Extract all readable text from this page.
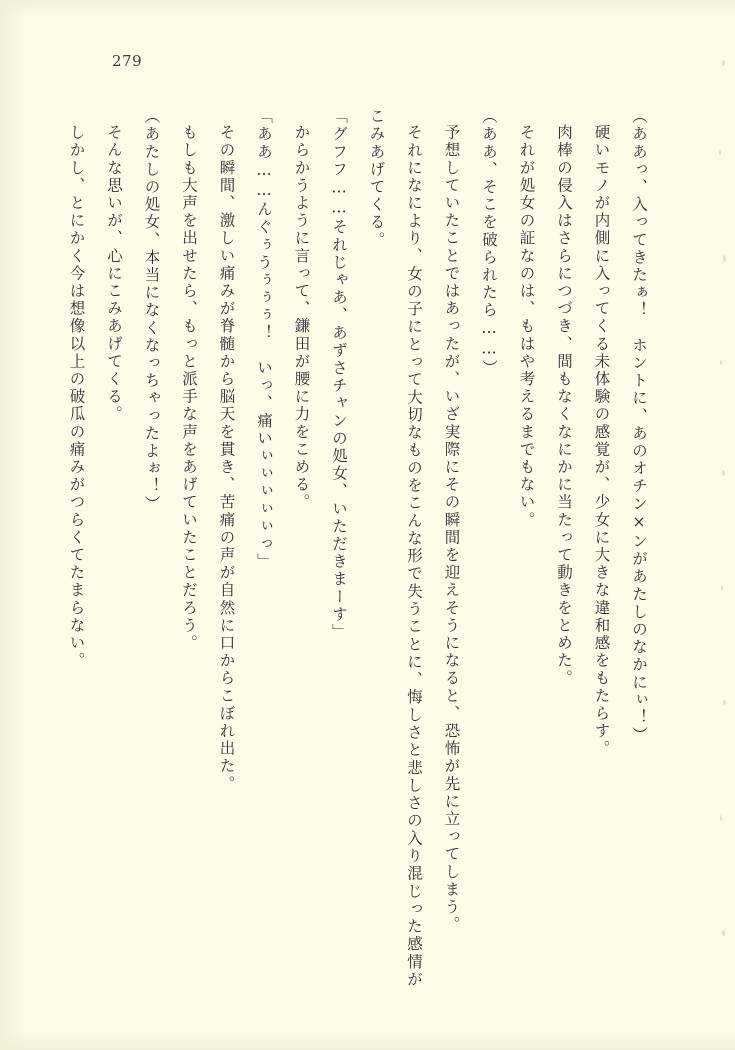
279

（ああっ、入ってきたぁ！　ホントに、あのオチン×ンがあたしのなかにぃ！）

硬いモノが内側に入ってくる未体験の感覚が、少女に大きな違和感をもたらす。

肉棒の侵入はさらにつづき、間もなくなにかに当たって動きをとめた。

それが処女の証なのは、もはや考えるまでもない。

（ああ、そこを破られたら……）

予想していたことではあったが、いざ実際にその瞬間を迎えそうになると、恐怖が先に立ってしまう。

それになにより、女の子にとって大切なものをこんな形で失うことに、悔しさと悲しさの入り混じった感情がこみあげてくる。

「グフフ……それじゃあ、あずさチャンの処女、いただきまーす」

からかうように言って、鎌田が腰に力をこめる。

「ああ……んぐぅうぅぅぅ！　いっ、痛いぃぃぃぃぃっ」

その瞬間、激しい痛みが脊髄から脳天を貫き、苦痛の声が自然に口からこぼれ出た。

もしも大声を出せたら、もっと派手な声をあげていたことだろう。

（あたしの処女、本当になくなっちゃったよぉ！）

そんな思いが、心にこみあげてくる。

しかし、とにかく今は想像以上の破瓜の痛みがつらくてたまらない。
